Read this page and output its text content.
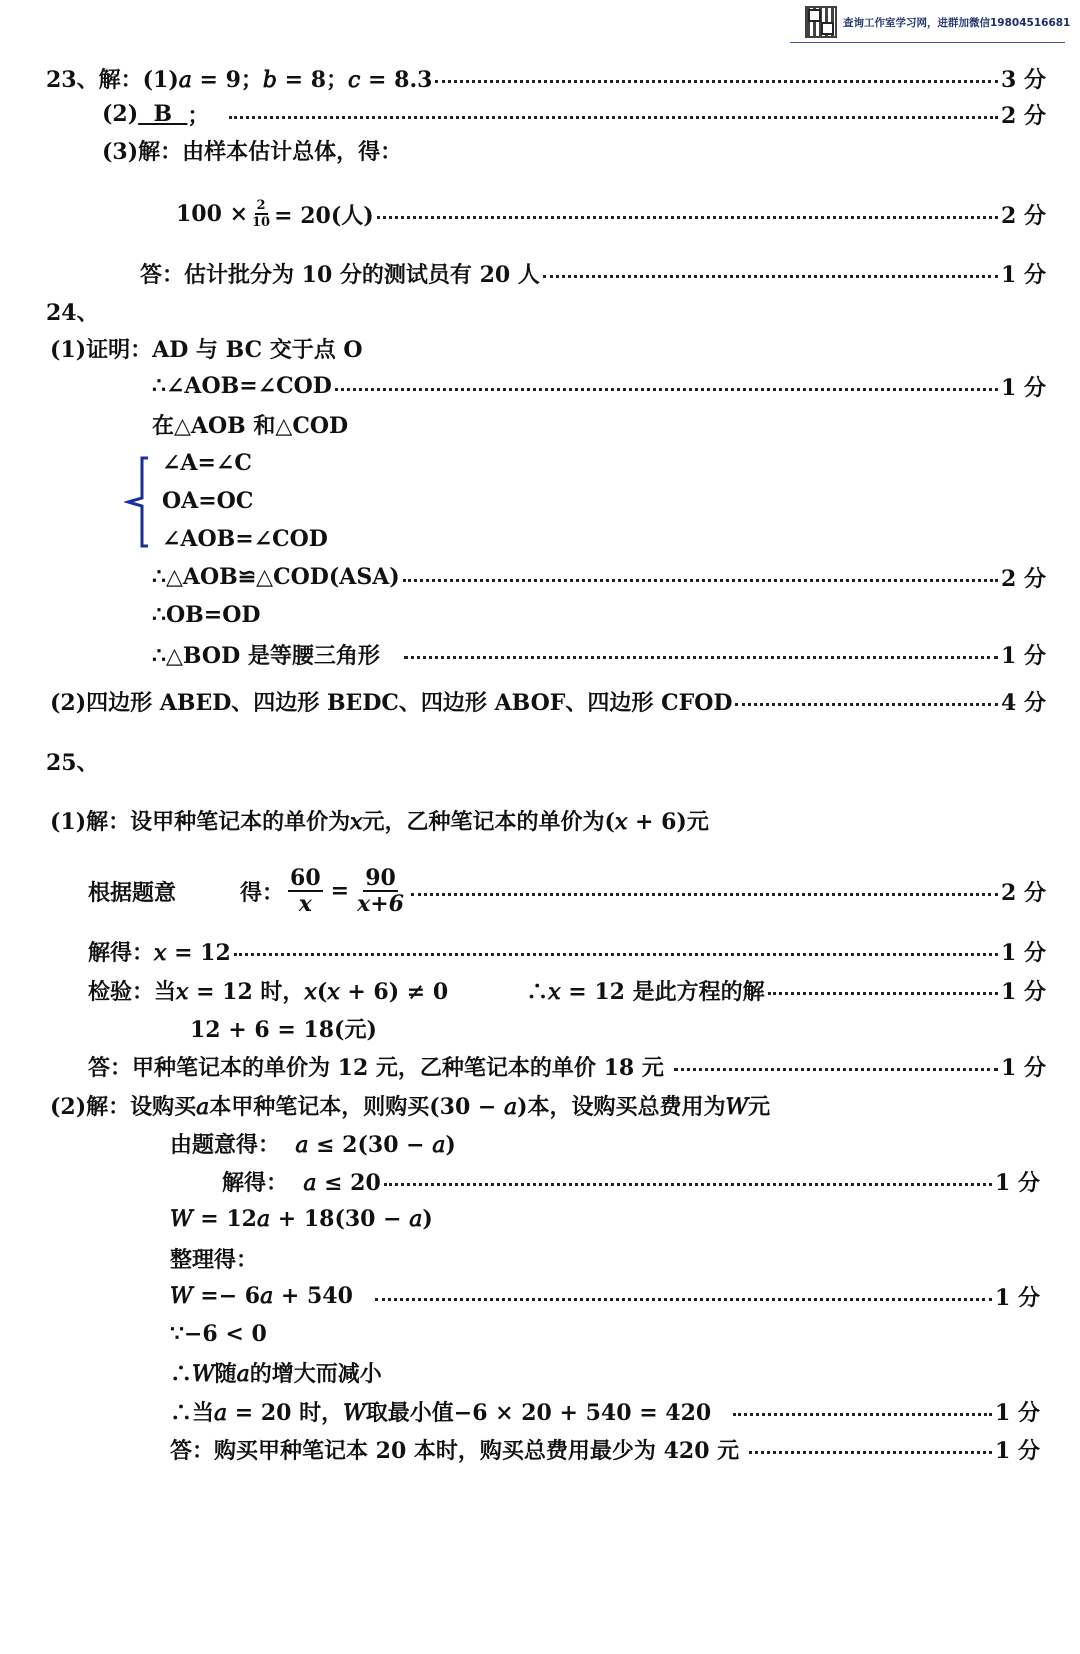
查询工作室学习网，进群加微信19804516681
23、解：(1)𝑎 = 9；𝑏 = 8；𝑐 = 8.3	3 分
(2) B ；	2 分
(3)解：由样本估计总体，得：
$100 \times \frac{2}{10} = 20$(人)	2 分
答：估计批分为 10 分的测试员有 20 人	1 分
24、
(1)证明：AD 与 BC 交于点 O
∴∠AOB=∠COD	1 分
在△AOB 和△COD
∠A=∠C
OA=OC
∠AOB=∠COD
∴△AOB≌△COD(ASA)	2 分
∴OB=OD
∴△BOD 是等腰三角形	1 分
(2)四边形 ABED、四边形 BEDC、四边形 ABOF、四边形 CFOD	4 分
25、
(1)解：设甲种笔记本的单价为𝑥元，乙种笔记本的单价为(𝑥 + 6)元
根据题意	得： $\frac{60}{x} = \frac{90}{x+6}$	2 分
解得：𝑥 = 12	1 分
检验：当𝑥 = 12 时，𝑥(𝑥 + 6) ≠ 0	∴𝑥 = 12 是此方程的解	1 分
12 + 6 = 18(元)
答：甲种笔记本的单价为 12 元，乙种笔记本的单价 18 元	1 分
(2)解：设购买𝑎本甲种笔记本，则购买(30 − 𝑎)本，设购买总费用为𝑊元
由题意得：  𝑎 ≤ 2(30 − 𝑎)
解得：  𝑎 ≤ 20	1 分
𝑊 = 12𝑎 + 18(30 − 𝑎)
整理得：
𝑊 =− 6𝑎 + 540	1 分
∵−6 < 0
∴𝑊随𝑎的增大而减小
∴当𝑎 = 20 时，𝑊取最小值−6 × 20 + 540 = 420	1 分
答：购买甲种笔记本 20 本时，购买总费用最少为 420 元	1 分
